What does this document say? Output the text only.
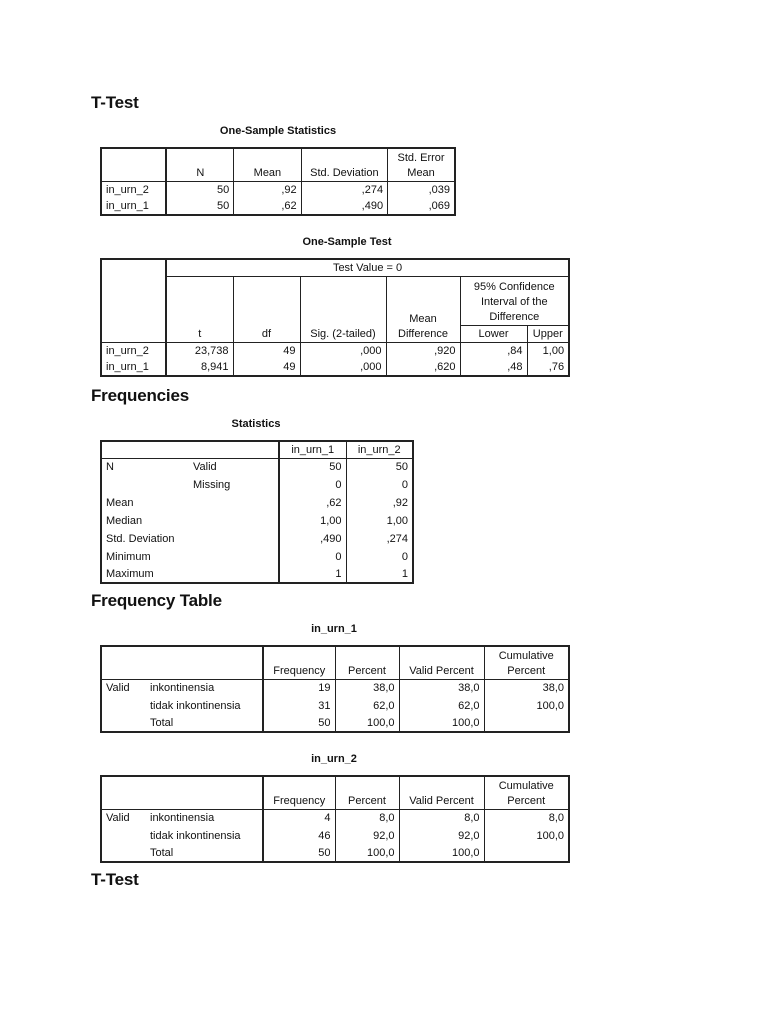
T-Test
One-Sample Statistics
	N	Mean	Std. Deviation	Std. Error Mean
in_urn_2	50	,92	,274	,039
in_urn_1	50	,62	,490	,069
One-Sample Test
	Test Value = 0					
	t	df	Sig. (2-tailed)	Mean Difference	95% Confidence Interval of the Difference	
					Lower	Upper
in_urn_2	23,738	49	,000	,920	,84	1,00
in_urn_1	8,941	49	,000	,620	,48	,76
Frequencies
Statistics
		in_urn_1	in_urn_2
N	Valid	50	50
	Missing	0	0
Mean		,62	,92
Median		1,00	1,00
Std. Deviation		,490	,274
Minimum		0	0
Maximum		1	1
Frequency Table
in_urn_1
		Frequency	Percent	Valid Percent	Cumulative Percent
Valid	inkontinensia	19	38,0	38,0	38,0
	tidak inkontinensia	31	62,0	62,0	100,0
	Total	50	100,0	100,0	
in_urn_2
		Frequency	Percent	Valid Percent	Cumulative Percent
Valid	inkontinensia	4	8,0	8,0	8,0
	tidak inkontinensia	46	92,0	92,0	100,0
	Total	50	100,0	100,0	
T-Test
